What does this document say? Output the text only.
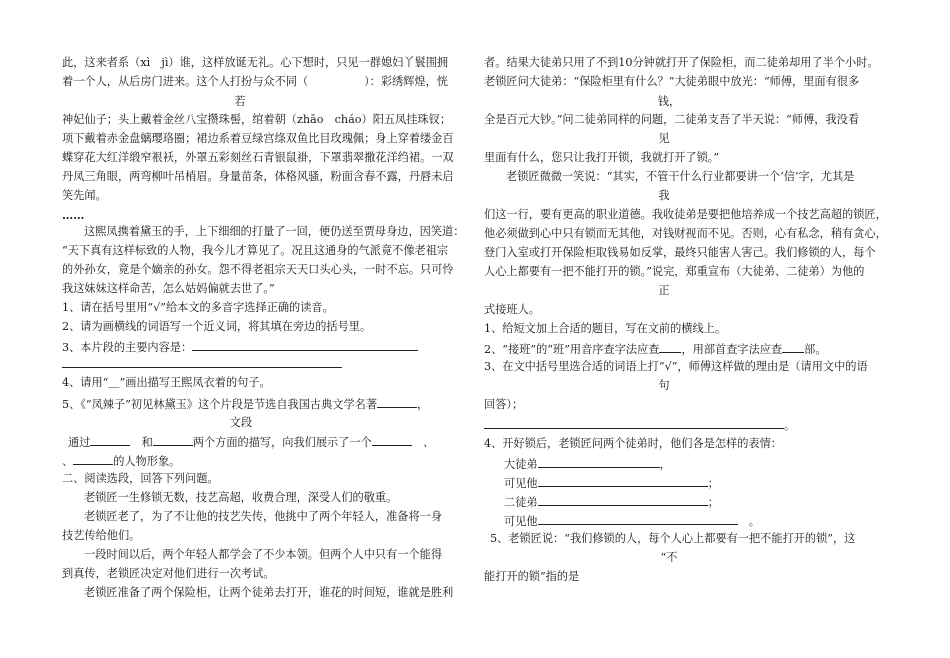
此，这来者系（xì　jì）谁，这样放诞无礼。心下想时，只见一群媳妇丫鬟围拥
着一个人，从后房门进来。这个人打扮与众不同（　　　　　）：彩绣辉煌，恍
若
神妃仙子；头上戴着金丝八宝攒珠髻，绾着朝（zhāo　cháo）阳五凤挂珠钗；
项下戴着赤金盘螭璎珞圈；裙边系着豆绿宫绦双鱼比目玫瑰佩；身上穿着缕金百
蝶穿花大红洋缎窄裉袄，外罩五彩刻丝石青银鼠褂，下罩翡翠撒花洋绉裙。一双
丹凤三角眼，两弯柳叶吊梢眉。身量苗条，体格风骚，粉面含春不露，丹唇未启
笑先闻。
……
这熙凤携着黛玉的手，上下细细的打量了一回，便仍送至贾母身边，因笑道：
“天下真有这样标致的人物，我今儿才算见了。况且这通身的气派竟不像老祖宗
的外孙女，竟是个嫡亲的孙女。怨不得老祖宗天天口头心头，一时不忘。只可怜
我这妹妹这样命苦，怎么姑妈偏就去世了。”
1、请在括号里用“√”给本文的多音字选择正确的读音。
2、请为画横线的词语写一个近义词，将其填在旁边的括号里。
3、本片段的主要内容是：
4、请用“＿”画出描写王熙凤衣着的句子。
5、《“凤辣子”初见林黛玉》这个片段是节选自我国古典文学名著	，
文段
通过　	和	两个方面的描写，向我们展示了一个　	、
、	的人物形象。
二、阅读选段，回答下列问题。
老锁匠一生修锁无数，技艺高超，收费合理，深受人们的敬重。
老锁匠老了，为了不让他的技艺失传，他挑中了两个年轻人，准备将一身
技艺传给他们。
一段时间以后，两个年轻人都学会了不少本领。但两个人中只有一个能得
到真传，老锁匠决定对他们进行一次考试。
老锁匠准备了两个保险柜，让两个徒弟去打开，谁花的时间短，谁就是胜利
者。结果大徒弟只用了不到10分钟就打开了保险柜，而二徒弟却用了半个小时。
老锁匠问大徒弟：“保险柜里有什么？”大徒弟眼中放光：“师傅，里面有很多
钱，
全是百元大钞。”问二徒弟同样的问题，二徒弟支吾了半天说：“师傅，我没看
见
里面有什么，您只让我打开锁，我就打开了锁。”
老锁匠微微一笑说：“其实，不管干什么行业都要讲一个‘信’字，尤其是
我
们这一行，要有更高的职业道德。我收徒弟是要把他培养成一个技艺高超的锁匠，
他必须做到心中只有锁而无其他，对钱财视而不见。否则，心有私念，稍有贪心，
登门入室或打开保险柜取钱易如反掌，最终只能害人害己。我们修锁的人，每个
人心上都要有一把不能打开的锁。”说完，郑重宣布（大徒弟、二徒弟）为他的
正
式接班人。
1、给短文加上合适的题目，写在文前的横线上。
2、“接班”的“班”用音序查字法应查 ，用部首查字法应查 部。
3、在文中括号里选合适的词语上打“√”，师傅这样做的理由是（请用文中的语
句
回答）；
。
4、开好锁后，老锁匠问两个徒弟时，他们各是怎样的表情：
大徒弟	，
可见他	；
二徒弟	；
可见他	　。
5、老锁匠说：“我们修锁的人，每个人心上都要有一把不能打开的锁”，这
“不
能打开的锁”指的是
